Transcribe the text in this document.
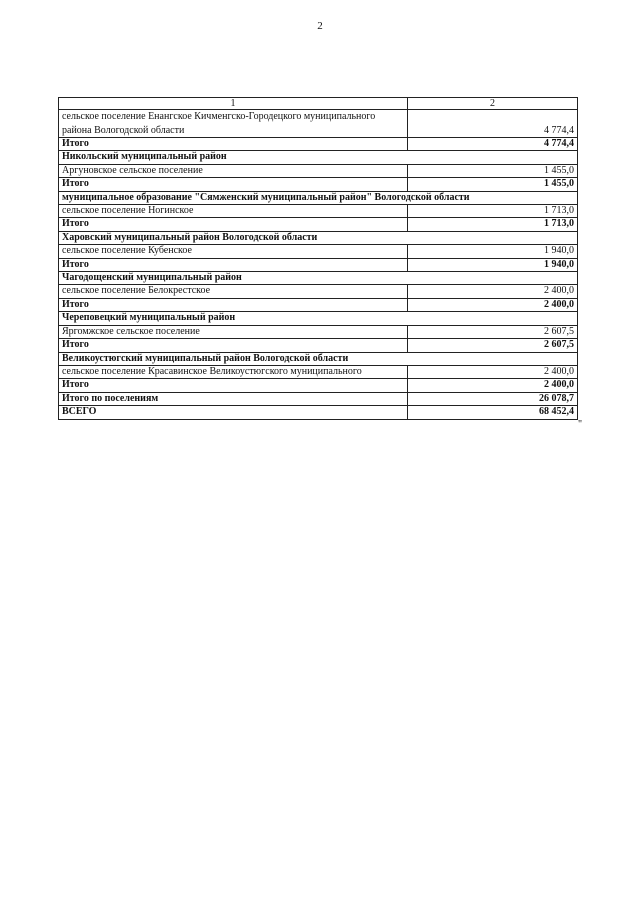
2
1	2
сельское поселение Енангское Кичменгско-Городецкого муниципального района Вологодской области	4 774,4
Итого	4 774,4
Никольский муниципальный район	
Аргуновское сельское поселение	1 455,0
Итого	1 455,0
муниципальное образование "Сямженский муниципальный район" Вологодской области	
сельское поселение Ногинское	1 713,0
Итого	1 713,0
Харовский муниципальный район Вологодской области	
сельское поселение Кубенское	1 940,0
Итого	1 940,0
Чагодощенский муниципальный район	
сельское поселение Белокрестское	2 400,0
Итого	2 400,0
Череповецкий муниципальный район	
Яргомжское сельское поселение	2 607,5
Итого	2 607,5
Великоустюгский муниципальный район Вологодской области	
сельское поселение Красавинское Великоустюгского муниципального	2 400,0
Итого	2 400,0
Итого по поселениям	26 078,7
ВСЕГО	68 452,4
"
